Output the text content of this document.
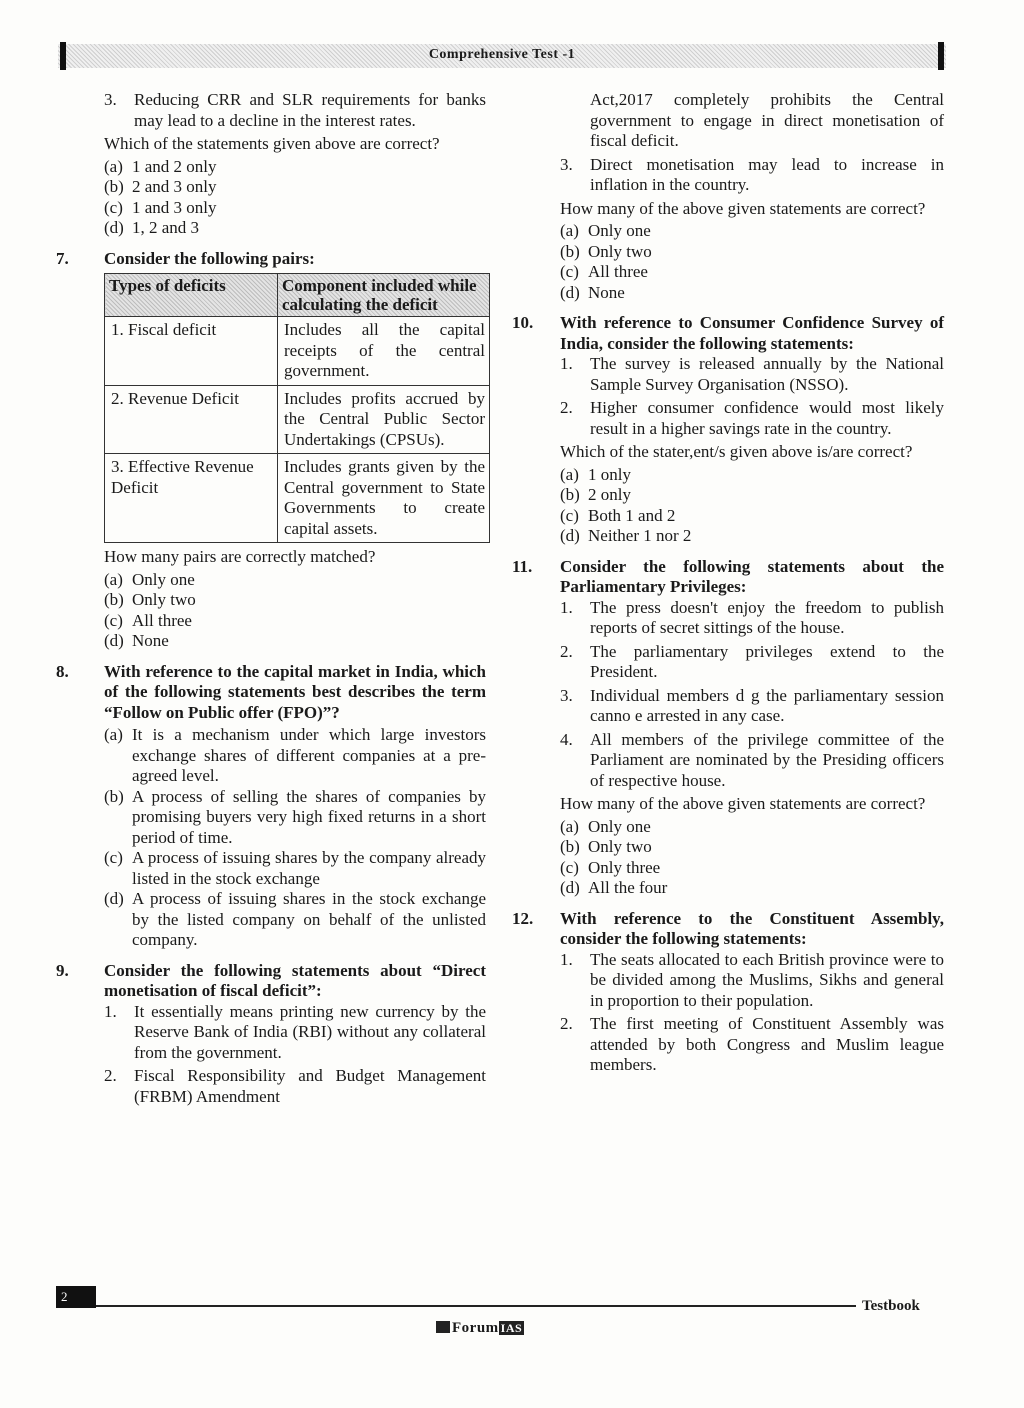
Comprehensive Test -1
3. Reducing CRR and SLR requirements for banks may lead to a decline in the interest rates.
Which of the statements given above are correct?
(a) 1 and 2 only
(b) 2 and 3 only
(c) 1 and 3 only
(d) 1, 2 and 3
7. Consider the following pairs:
Types of deficits	Component included while calculating the deficit
1. Fiscal deficit	Includes all the capital receipts of the central government.
2. Revenue Deficit	Includes profits accrued by the Central Public Sector Undertakings (CPSUs).
3. Effective Revenue Deficit	Includes grants given by the Central government to State Governments to create capital assets.
How many pairs are correctly matched?
(a) Only one
(b) Only two
(c) All three
(d) None
8. With reference to the capital market in India, which of the following statements best describes the term “Follow on Public offer (FPO)”?
(a) It is a mechanism under which large investors exchange shares of different companies at a pre-agreed level.
(b) A process of selling the shares of companies by promising buyers very high fixed returns in a short period of time.
(c) A process of issuing shares by the company already listed in the stock exchange
(d) A process of issuing shares in the stock exchange by the listed company on behalf of the unlisted company.
9. Consider the following statements about “Direct monetisation of fiscal deficit”:
1. It essentially means printing new currency by the Reserve Bank of India (RBI) without any collateral from the government.
2. Fiscal Responsibility and Budget Management (FRBM) Amendment
Act,2017 completely prohibits the Central government to engage in direct monetisation of fiscal deficit.
3. Direct monetisation may lead to increase in inflation in the country.
How many of the above given statements are correct?
(a) Only one
(b) Only two
(c) All three
(d) None
10. With reference to Consumer Confidence Survey of India, consider the following statements:
1. The survey is released annually by the National Sample Survey Organisation (NSSO).
2. Higher consumer confidence would most likely result in a higher savings rate in the country.
Which of the stater,ent/s given above is/are correct?
(a) 1 only
(b) 2 only
(c) Both 1 and 2
(d) Neither 1 nor 2
11. Consider the following statements about the Parliamentary Privileges:
1. The press doesn't enjoy the freedom to publish reports of secret sittings of the house.
2. The parliamentary privileges extend to the President.
3. Individual members d g the parliamentary session canno e arrested in any case.
4. All members of the privilege committee of the Parliament are nominated by the Presiding officers of respective house.
How many of the above given statements are correct?
(a) Only one
(b) Only two
(c) Only three
(d) All the four
12. With reference to the Constituent Assembly, consider the following statements:
1. The seats allocated to each British province were to be divided among the Muslims, Sikhs and general in proportion to their population.
2. The first meeting of Constituent Assembly was attended by both Congress and Muslim league members.
2
Testbook
Forum IAS
